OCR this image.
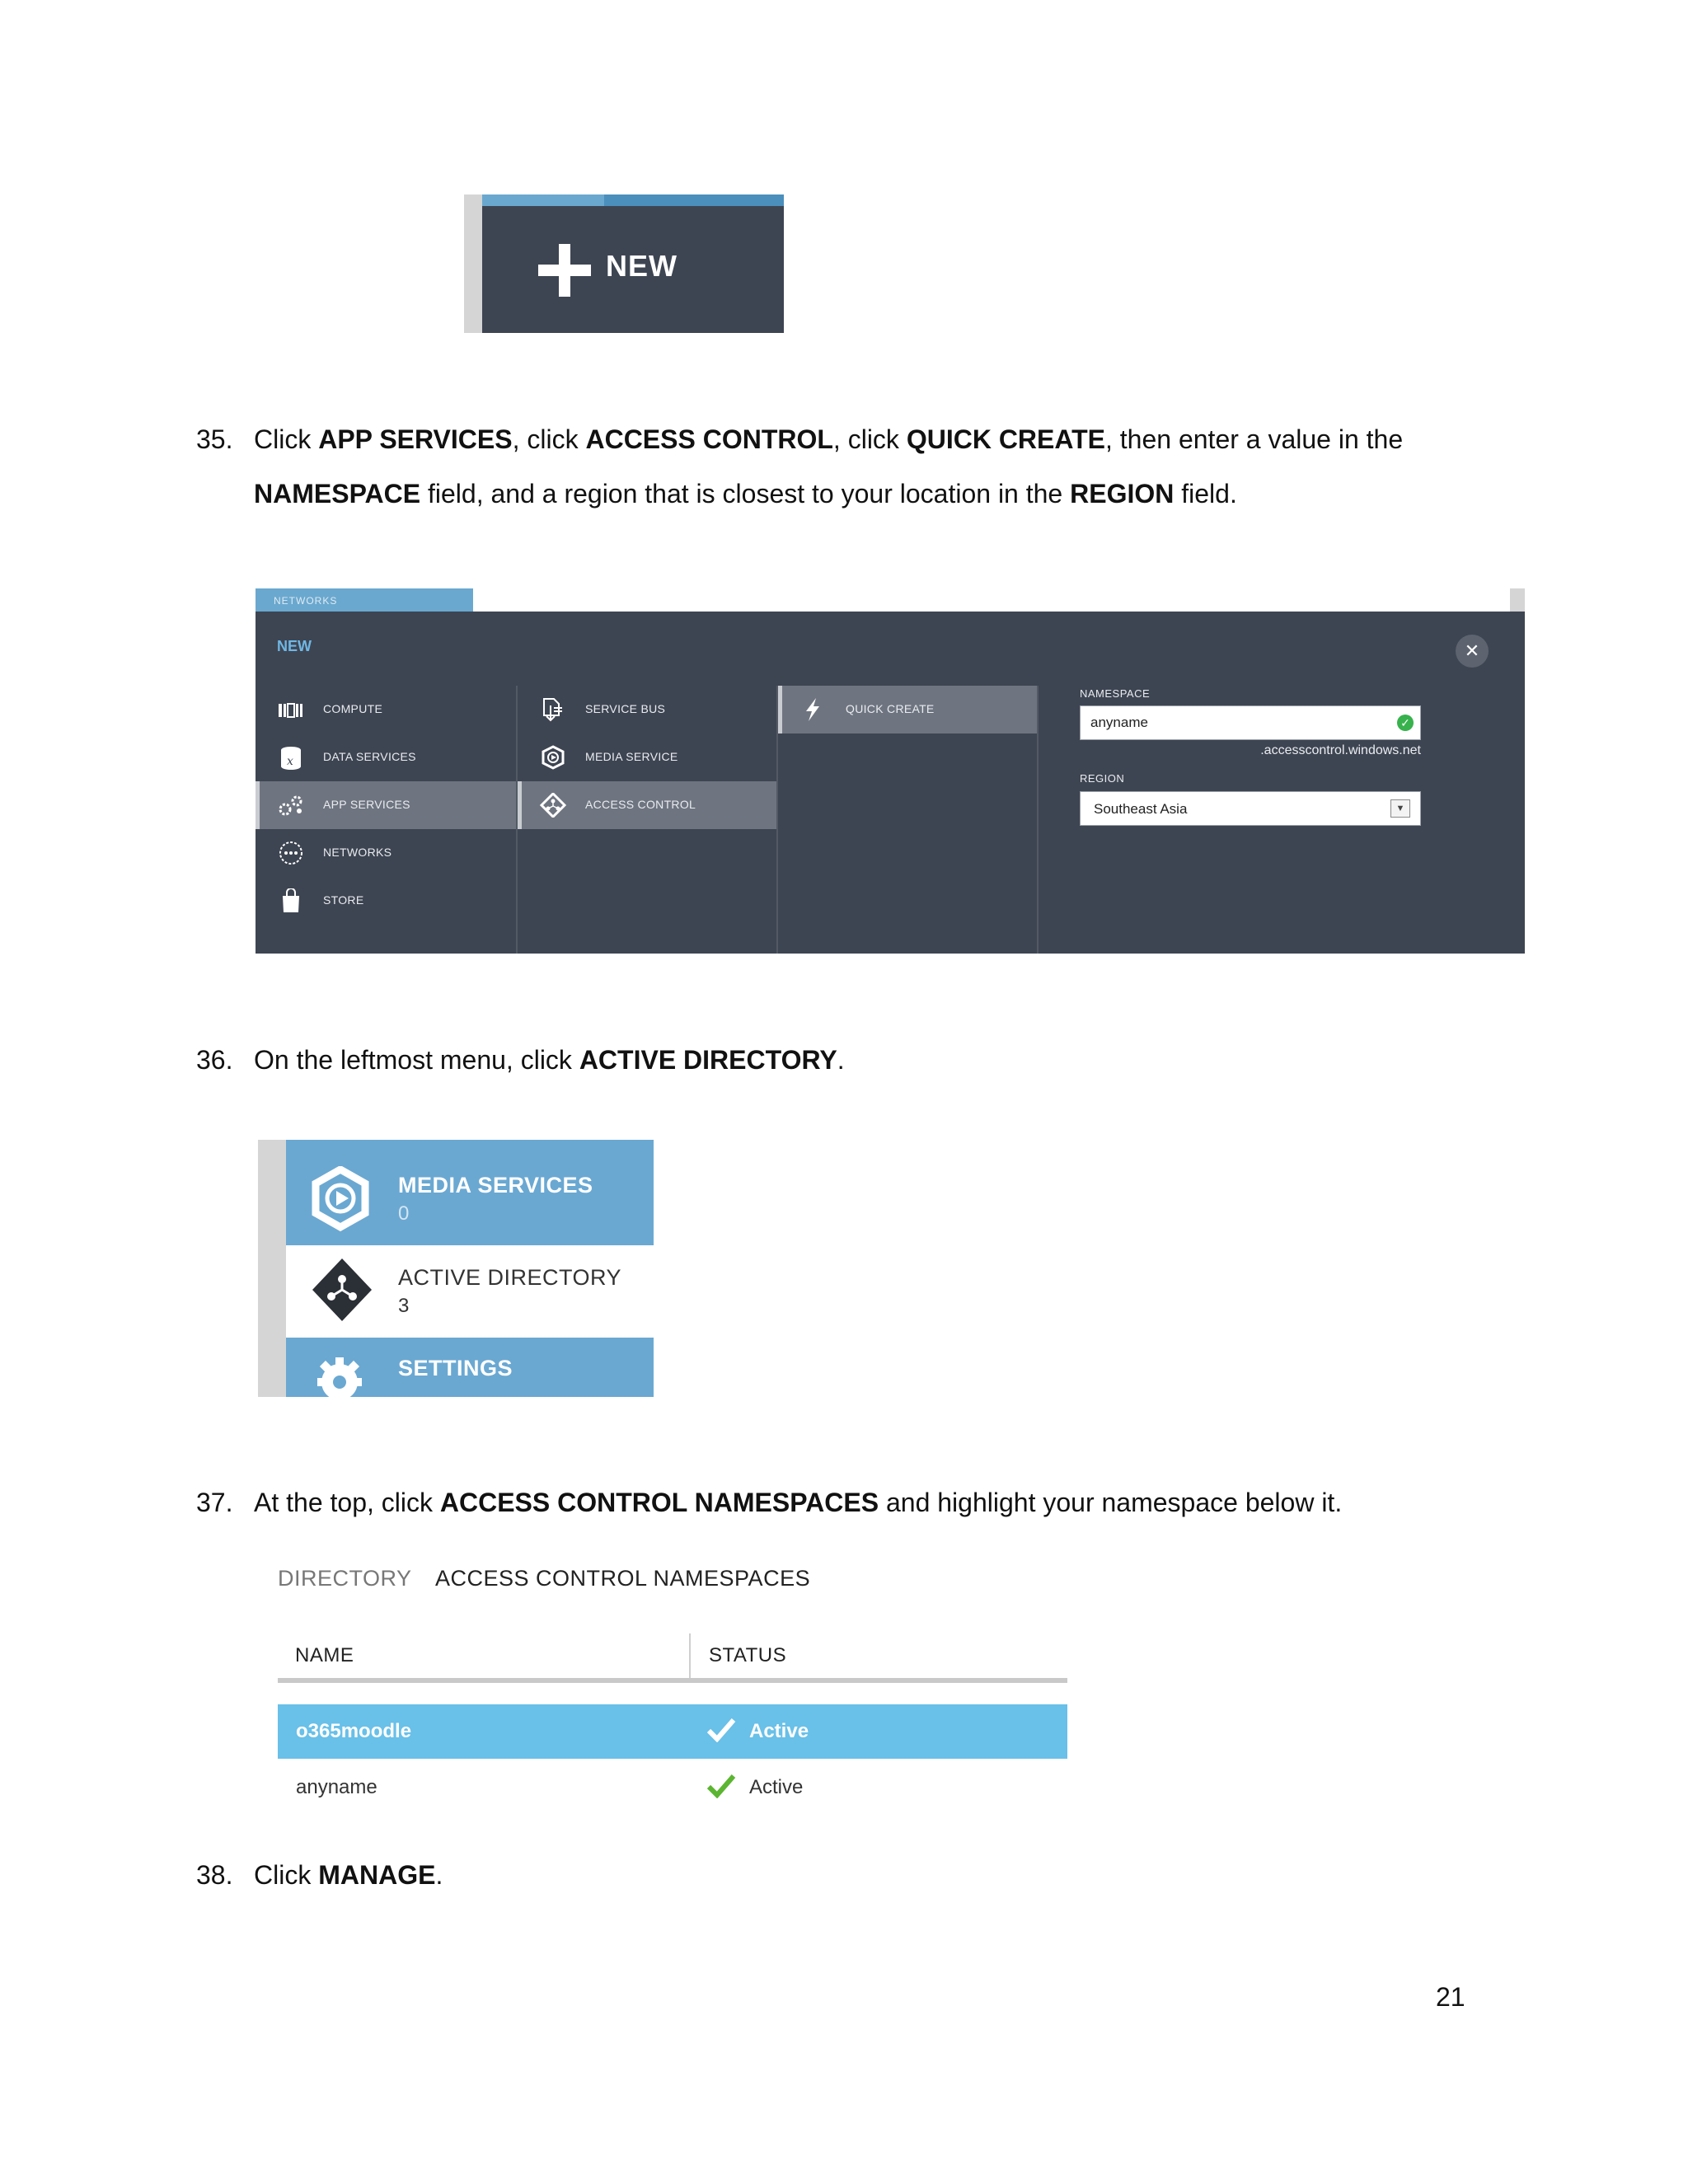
NEW
35. Click APP SERVICES, click ACCESS CONTROL, click QUICK CREATE, then enter a value in the
NAMESPACE field, and a region that is closest to your location in the REGION field.
NETWORKS
NEW	✕
COMPUTE
x	DATA SERVICES
APP SERVICES
NETWORKS
STORE
SERVICE BUS
MEDIA SERVICE
ACCESS CONTROL
QUICK CREATE
NAMESPACE
anyname	✓
.accesscontrol.windows.net
REGION
Southeast Asia	▼
36. On the leftmost menu, click ACTIVE DIRECTORY.
MEDIA SERVICES
0
ACTIVE DIRECTORY
3
SETTINGS
37. At the top, click ACCESS CONTROL NAMESPACES and highlight your namespace below it.
DIRECTORY ACCESS CONTROL NAMESPACES
NAME	STATUS
o365moodle	Active
anyname	Active
38. Click MANAGE.
21
